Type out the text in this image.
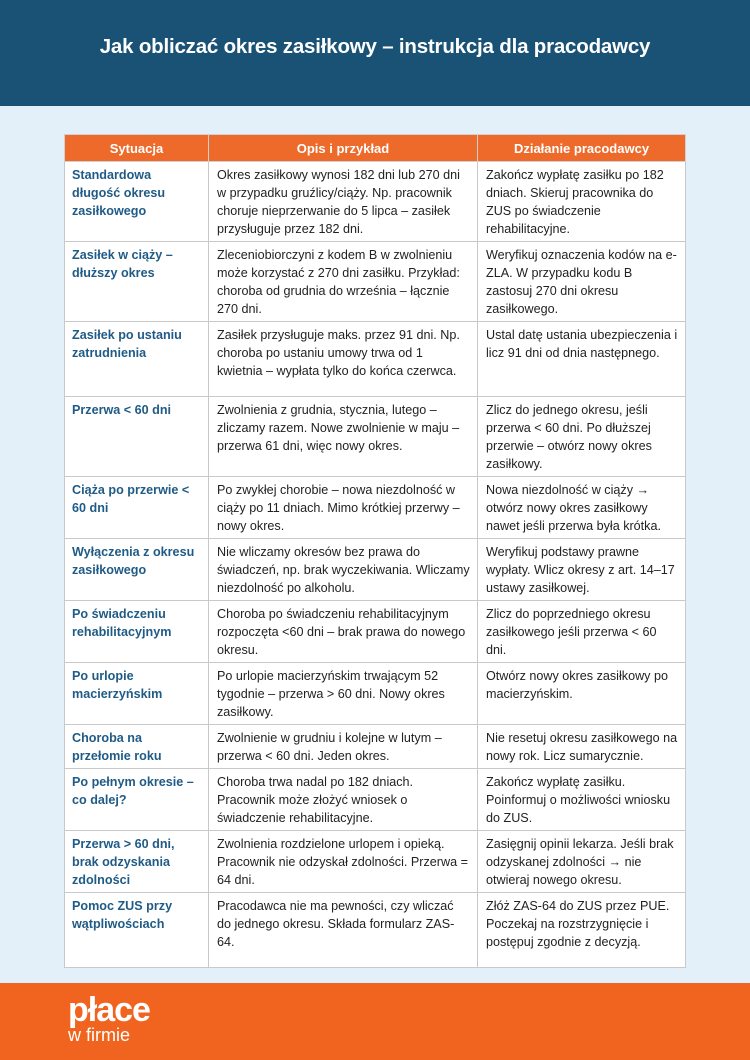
Jak obliczać okres zasiłkowy – instrukcja dla pracodawcy
Sytuacja	Opis i przykład	Działanie pracodawcy
Standardowa długość okresu zasiłkowego	Okres zasiłkowy wynosi 182 dni lub 270 dni w przypadku gruźlicy/ciąży. Np. pracownik choruje nieprzerwanie do 5 lipca – zasiłek przysługuje przez 182 dni.	Zakończ wypłatę zasiłku po 182 dniach. Skieruj pracownika do ZUS po świadczenie rehabilitacyjne.
Zasiłek w ciąży – dłuższy okres	Zleceniobiorczyni z kodem B w zwolnieniu może korzystać z 270 dni zasiłku. Przykład: choroba od grudnia do września – łącznie 270 dni.	Weryfikuj oznaczenia kodów na e-ZLA. W przypadku kodu B zastosuj 270 dni okresu zasiłkowego.
Zasiłek po ustaniu zatrudnienia	Zasiłek przysługuje maks. przez 91 dni. Np. choroba po ustaniu umowy trwa od 1 kwietnia – wypłata tylko do końca czerwca.	Ustal datę ustania ubezpieczenia i licz 91 dni od dnia następnego.
Przerwa < 60 dni	Zwolnienia z grudnia, stycznia, lutego – zliczamy razem. Nowe zwolnienie w maju – przerwa 61 dni, więc nowy okres.	Zlicz do jednego okresu, jeśli przerwa < 60 dni. Po dłuższej przerwie – otwórz nowy okres zasiłkowy.
Ciąża po przerwie < 60 dni	Po zwykłej chorobie – nowa niezdolność w ciąży po 11 dniach. Mimo krótkiej przerwy – nowy okres.	Nowa niezdolność w ciąży → otwórz nowy okres zasiłkowy nawet jeśli przerwa była krótka.
Wyłączenia z okresu zasiłkowego	Nie wliczamy okresów bez prawa do świadczeń, np. brak wyczekiwania. Wliczamy niezdolność po alkoholu.	Weryfikuj podstawy prawne wypłaty. Wlicz okresy z art. 14–17 ustawy zasiłkowej.
Po świadczeniu rehabilitacyjnym	Choroba po świadczeniu rehabilitacyjnym rozpoczęta <60 dni – brak prawa do nowego okresu.	Zlicz do poprzedniego okresu zasiłkowego jeśli przerwa < 60 dni.
Po urlopie macierzyńskim	Po urlopie macierzyńskim trwającym 52 tygodnie – przerwa > 60 dni. Nowy okres zasiłkowy.	Otwórz nowy okres zasiłkowy po macierzyńskim.
Choroba na przełomie roku	Zwolnienie w grudniu i kolejne w lutym – przerwa < 60 dni. Jeden okres.	Nie resetuj okresu zasiłkowego na nowy rok. Licz sumarycznie.
Po pełnym okresie – co dalej?	Choroba trwa nadal po 182 dniach. Pracownik może złożyć wniosek o świadczenie rehabilitacyjne.	Zakończ wypłatę zasiłku. Poinformuj o możliwości wniosku do ZUS.
Przerwa > 60 dni, brak odzyskania zdolności	Zwolnienia rozdzielone urlopem i opieką. Pracownik nie odzyskał zdolności. Przerwa = 64 dni.	Zasięgnij opinii lekarza. Jeśli brak odzyskanej zdolności → nie otwieraj nowego okresu.
Pomoc ZUS przy wątpliwościach	Pracodawca nie ma pewności, czy wliczać do jednego okresu. Składa formularz ZAS-64.	Złóż ZAS-64 do ZUS przez PUE. Poczekaj na rozstrzygnięcie i postępuj zgodnie z decyzją.
płace
w firmie
